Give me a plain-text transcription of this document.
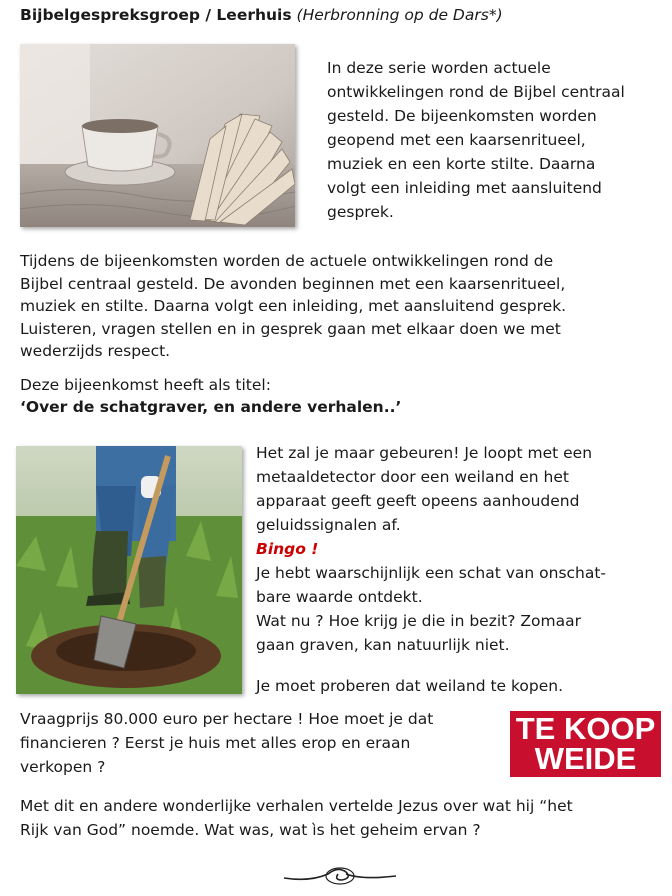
Bijbelgespreksgroep / Leerhuis (Herbronning op de Dars*)
In deze serie worden actuele
ontwikkelingen rond de Bijbel centraal
gesteld. De bijeenkomsten worden
geopend met een kaarsenritueel,
muziek en een korte stilte. Daarna
volgt een inleiding met aansluitend
gesprek.
Tijdens de bijeenkomsten worden de actuele ontwikkelingen rond de
Bijbel centraal gesteld. De avonden beginnen met een kaarsenritueel,
muziek en stilte. Daarna volgt een inleiding, met aansluitend gesprek.
Luisteren, vragen stellen en in gesprek gaan met elkaar doen we met
wederzijds respect.
Deze bijeenkomst heeft als titel:
‘Over de schatgraver, en andere verhalen..’
Het zal je maar gebeuren! Je loopt met een
metaaldetector door een weiland en het
apparaat geeft geeft opeens aanhoudend
geluidssignalen af.
Bingo !
Je hebt waarschijnlijk een schat van onschat-
bare waarde ontdekt.
Wat nu ? Hoe krijg je die in bezit? Zomaar
gaan graven, kan natuurlijk niet.
Je moet proberen dat weiland te kopen.
Vraagprijs 80.000 euro per hectare ! Hoe moet je dat
financieren ? Eerst je huis met alles erop en eraan
verkopen ?
TE KOOP
WEIDE
Met dit en andere wonderlijke verhalen vertelde Jezus over wat hij “het
Rijk van God” noemde. Wat was, wat ìs het geheim ervan ?
